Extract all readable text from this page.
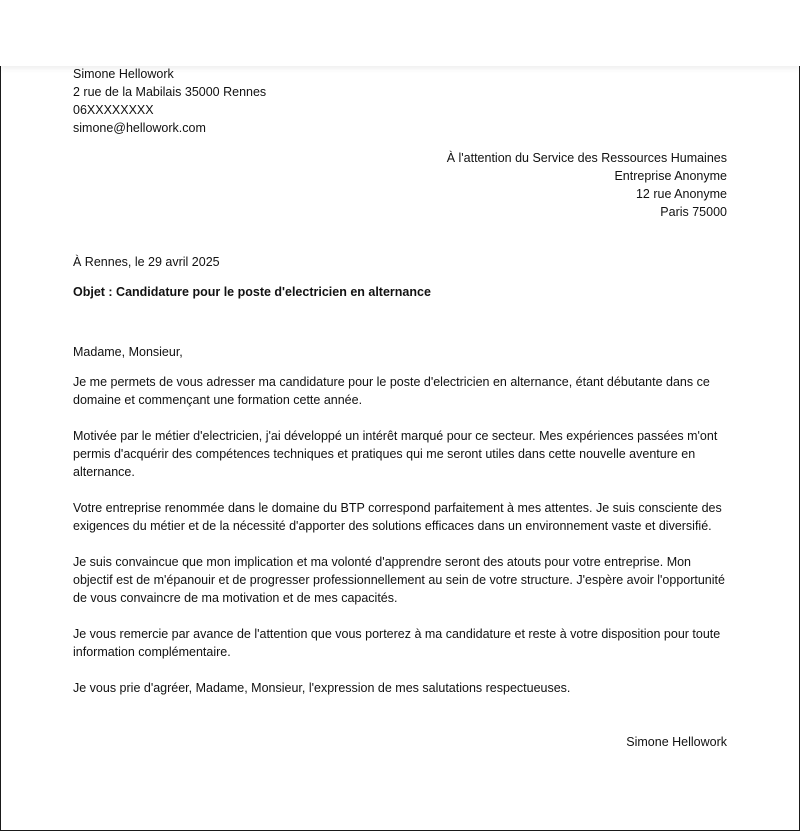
Simone Hellowork
2 rue de la Mabilais 35000 Rennes
06XXXXXXXX
simone@hellowork.com
À l'attention du Service des Ressources Humaines
Entreprise Anonyme
12 rue Anonyme
Paris 75000
À Rennes, le 29 avril 2025
Objet : Candidature pour le poste d'electricien en alternance
Madame, Monsieur,
Je me permets de vous adresser ma candidature pour le poste d'electricien en alternance, étant débutante dans ce domaine et commençant une formation cette année.
Motivée par le métier d'electricien, j'ai développé un intérêt marqué pour ce secteur. Mes expériences passées m'ont permis d'acquérir des compétences techniques et pratiques qui me seront utiles dans cette nouvelle aventure en alternance.
Votre entreprise renommée dans le domaine du BTP correspond parfaitement à mes attentes. Je suis consciente des exigences du métier et de la nécessité d'apporter des solutions efficaces dans un environnement vaste et diversifié.
Je suis convaincue que mon implication et ma volonté d'apprendre seront des atouts pour votre entreprise. Mon objectif est de m'épanouir et de progresser professionnellement au sein de votre structure. J'espère avoir l'opportunité de vous convaincre de ma motivation et de mes capacités.
Je vous remercie par avance de l'attention que vous porterez à ma candidature et reste à votre disposition pour toute information complémentaire.
Je vous prie d'agréer, Madame, Monsieur, l'expression de mes salutations respectueuses.
Simone Hellowork
